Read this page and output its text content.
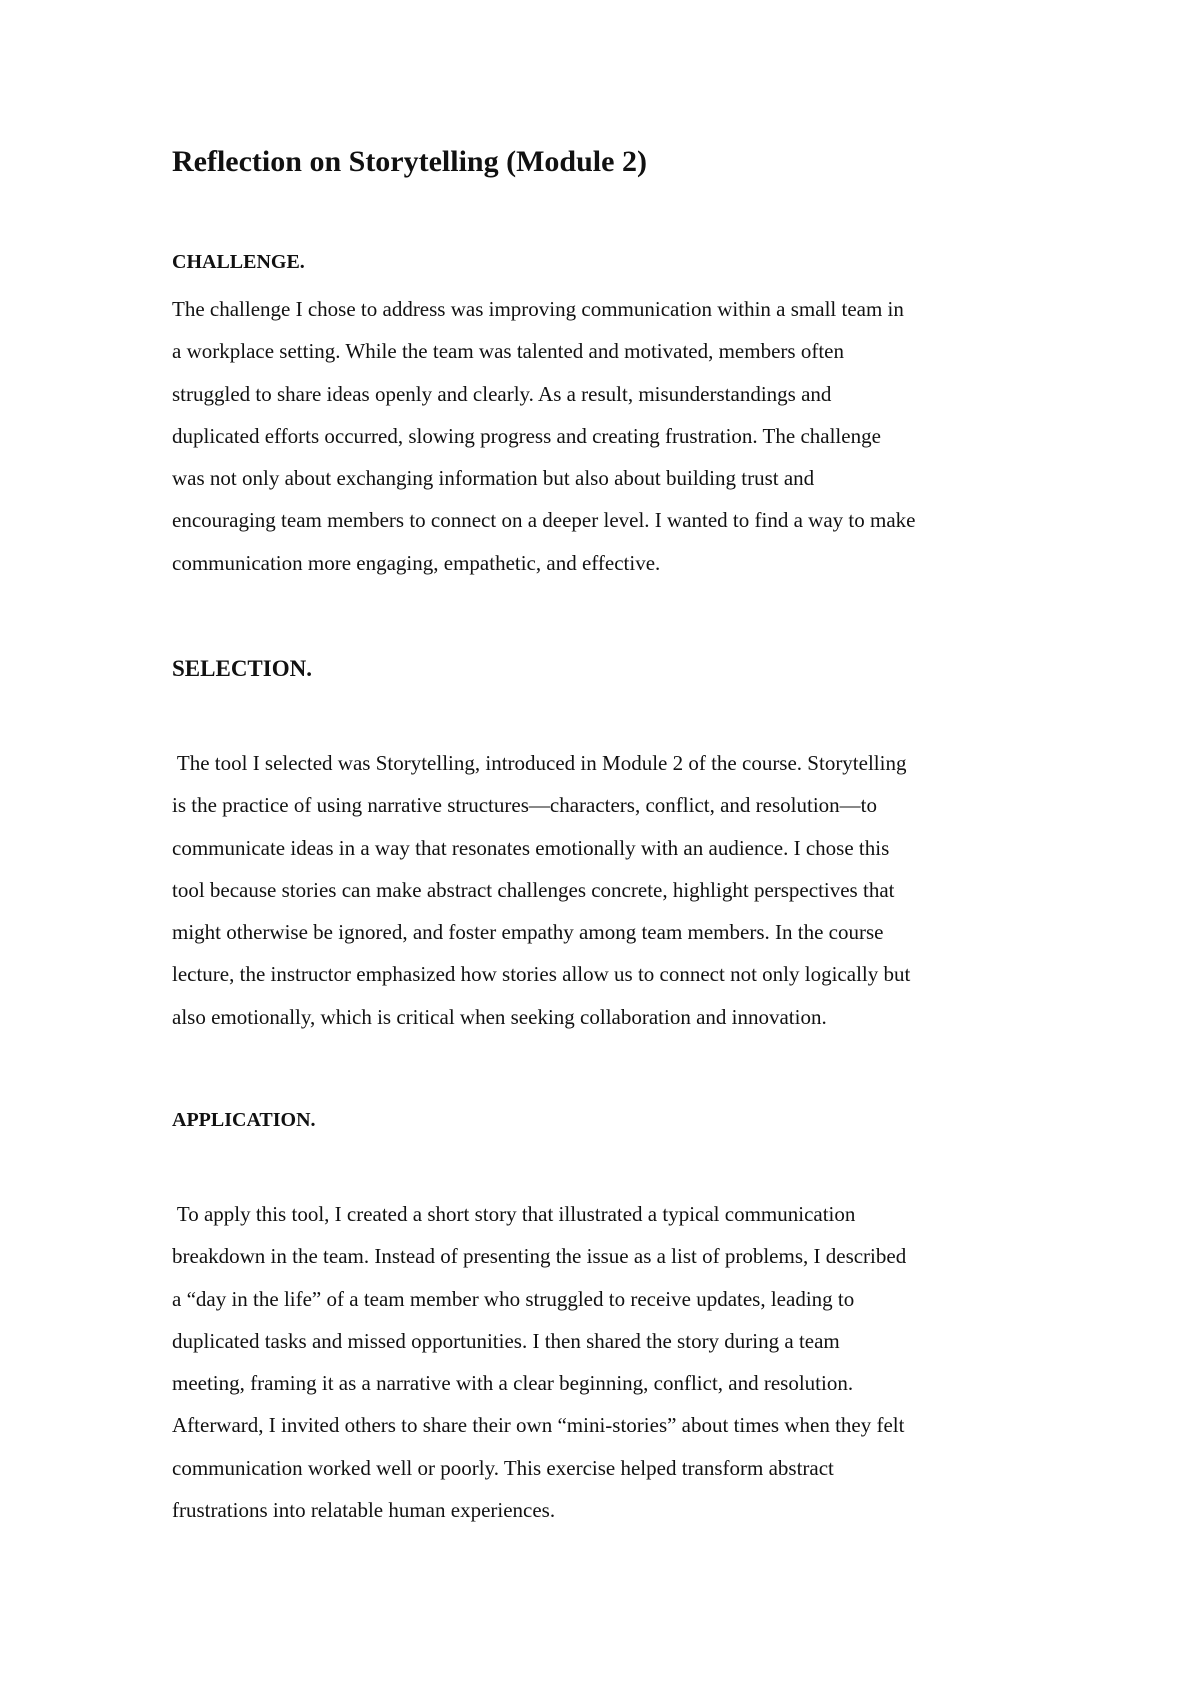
Reflection on Storytelling (Module 2)
CHALLENGE.
The challenge I chose to address was improving communication within a small team in
a workplace setting. While the team was talented and motivated, members often
struggled to share ideas openly and clearly. As a result, misunderstandings and
duplicated efforts occurred, slowing progress and creating frustration. The challenge
was not only about exchanging information but also about building trust and
encouraging team members to connect on a deeper level. I wanted to find a way to make
communication more engaging, empathetic, and effective.
SELECTION.
The tool I selected was Storytelling, introduced in Module 2 of the course. Storytelling
is the practice of using narrative structures—characters, conflict, and resolution—to
communicate ideas in a way that resonates emotionally with an audience. I chose this
tool because stories can make abstract challenges concrete, highlight perspectives that
might otherwise be ignored, and foster empathy among team members. In the course
lecture, the instructor emphasized how stories allow us to connect not only logically but
also emotionally, which is critical when seeking collaboration and innovation.
APPLICATION.
To apply this tool, I created a short story that illustrated a typical communication
breakdown in the team. Instead of presenting the issue as a list of problems, I described
a “day in the life” of a team member who struggled to receive updates, leading to
duplicated tasks and missed opportunities. I then shared the story during a team
meeting, framing it as a narrative with a clear beginning, conflict, and resolution.
Afterward, I invited others to share their own “mini-stories” about times when they felt
communication worked well or poorly. This exercise helped transform abstract
frustrations into relatable human experiences.
